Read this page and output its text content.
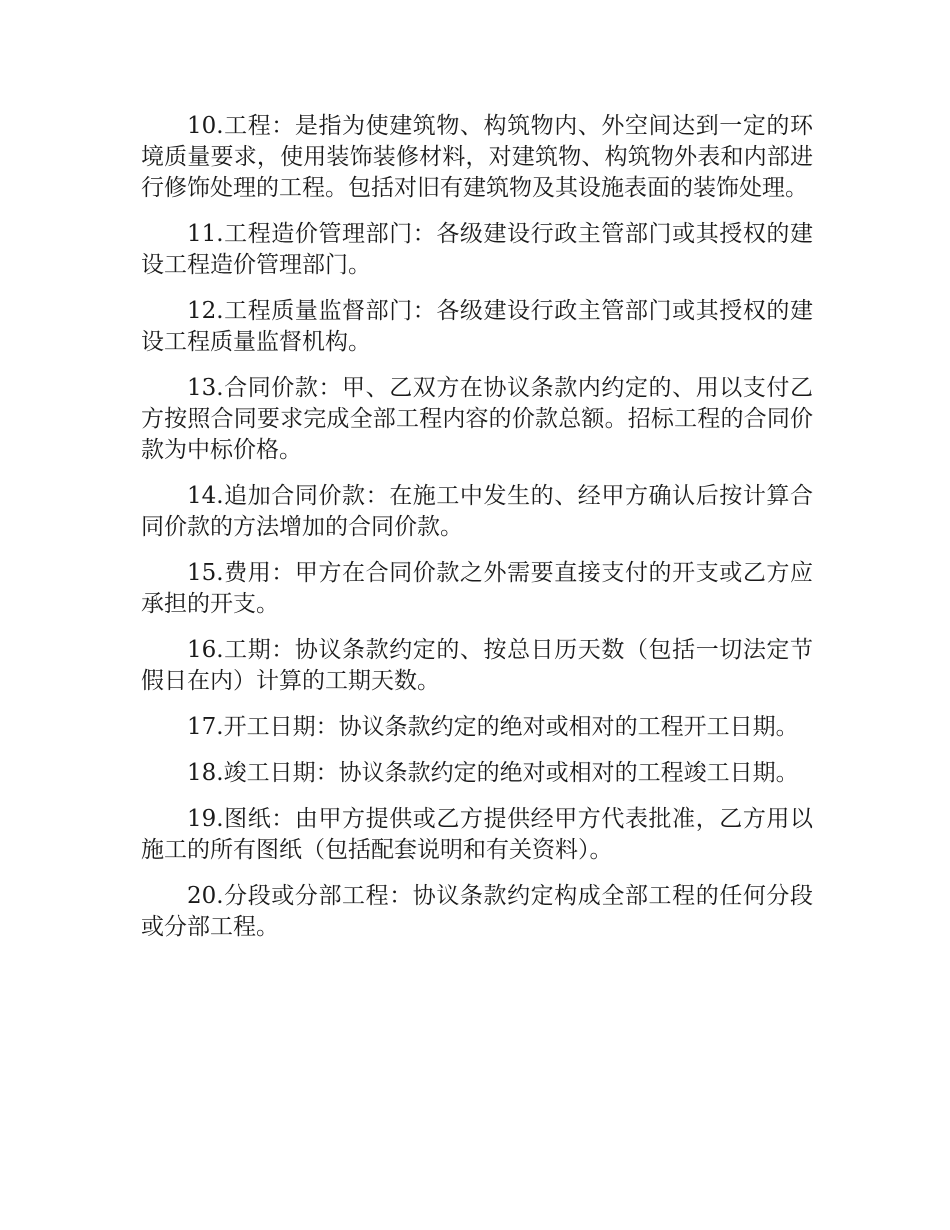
10.工程：是指为使建筑物、构筑物内、外空间达到一定的环境质量要求，使用装饰装修材料，对建筑物、构筑物外表和内部进行修饰处理的工程。包括对旧有建筑物及其设施表面的装饰处理。

11.工程造价管理部门：各级建设行政主管部门或其授权的建设工程造价管理部门。

12.工程质量监督部门：各级建设行政主管部门或其授权的建设工程质量监督机构。

13.合同价款：甲、乙双方在协议条款内约定的、用以支付乙方按照合同要求完成全部工程内容的价款总额。招标工程的合同价款为中标价格。

14.追加合同价款：在施工中发生的、经甲方确认后按计算合同价款的方法增加的合同价款。

15.费用：甲方在合同价款之外需要直接支付的开支或乙方应承担的开支。

16.工期：协议条款约定的、按总日历天数（包括一切法定节假日在内）计算的工期天数。

17.开工日期：协议条款约定的绝对或相对的工程开工日期。

18.竣工日期：协议条款约定的绝对或相对的工程竣工日期。

19.图纸：由甲方提供或乙方提供经甲方代表批准，乙方用以施工的所有图纸（包括配套说明和有关资料）。

20.分段或分部工程：协议条款约定构成全部工程的任何分段或分部工程。
